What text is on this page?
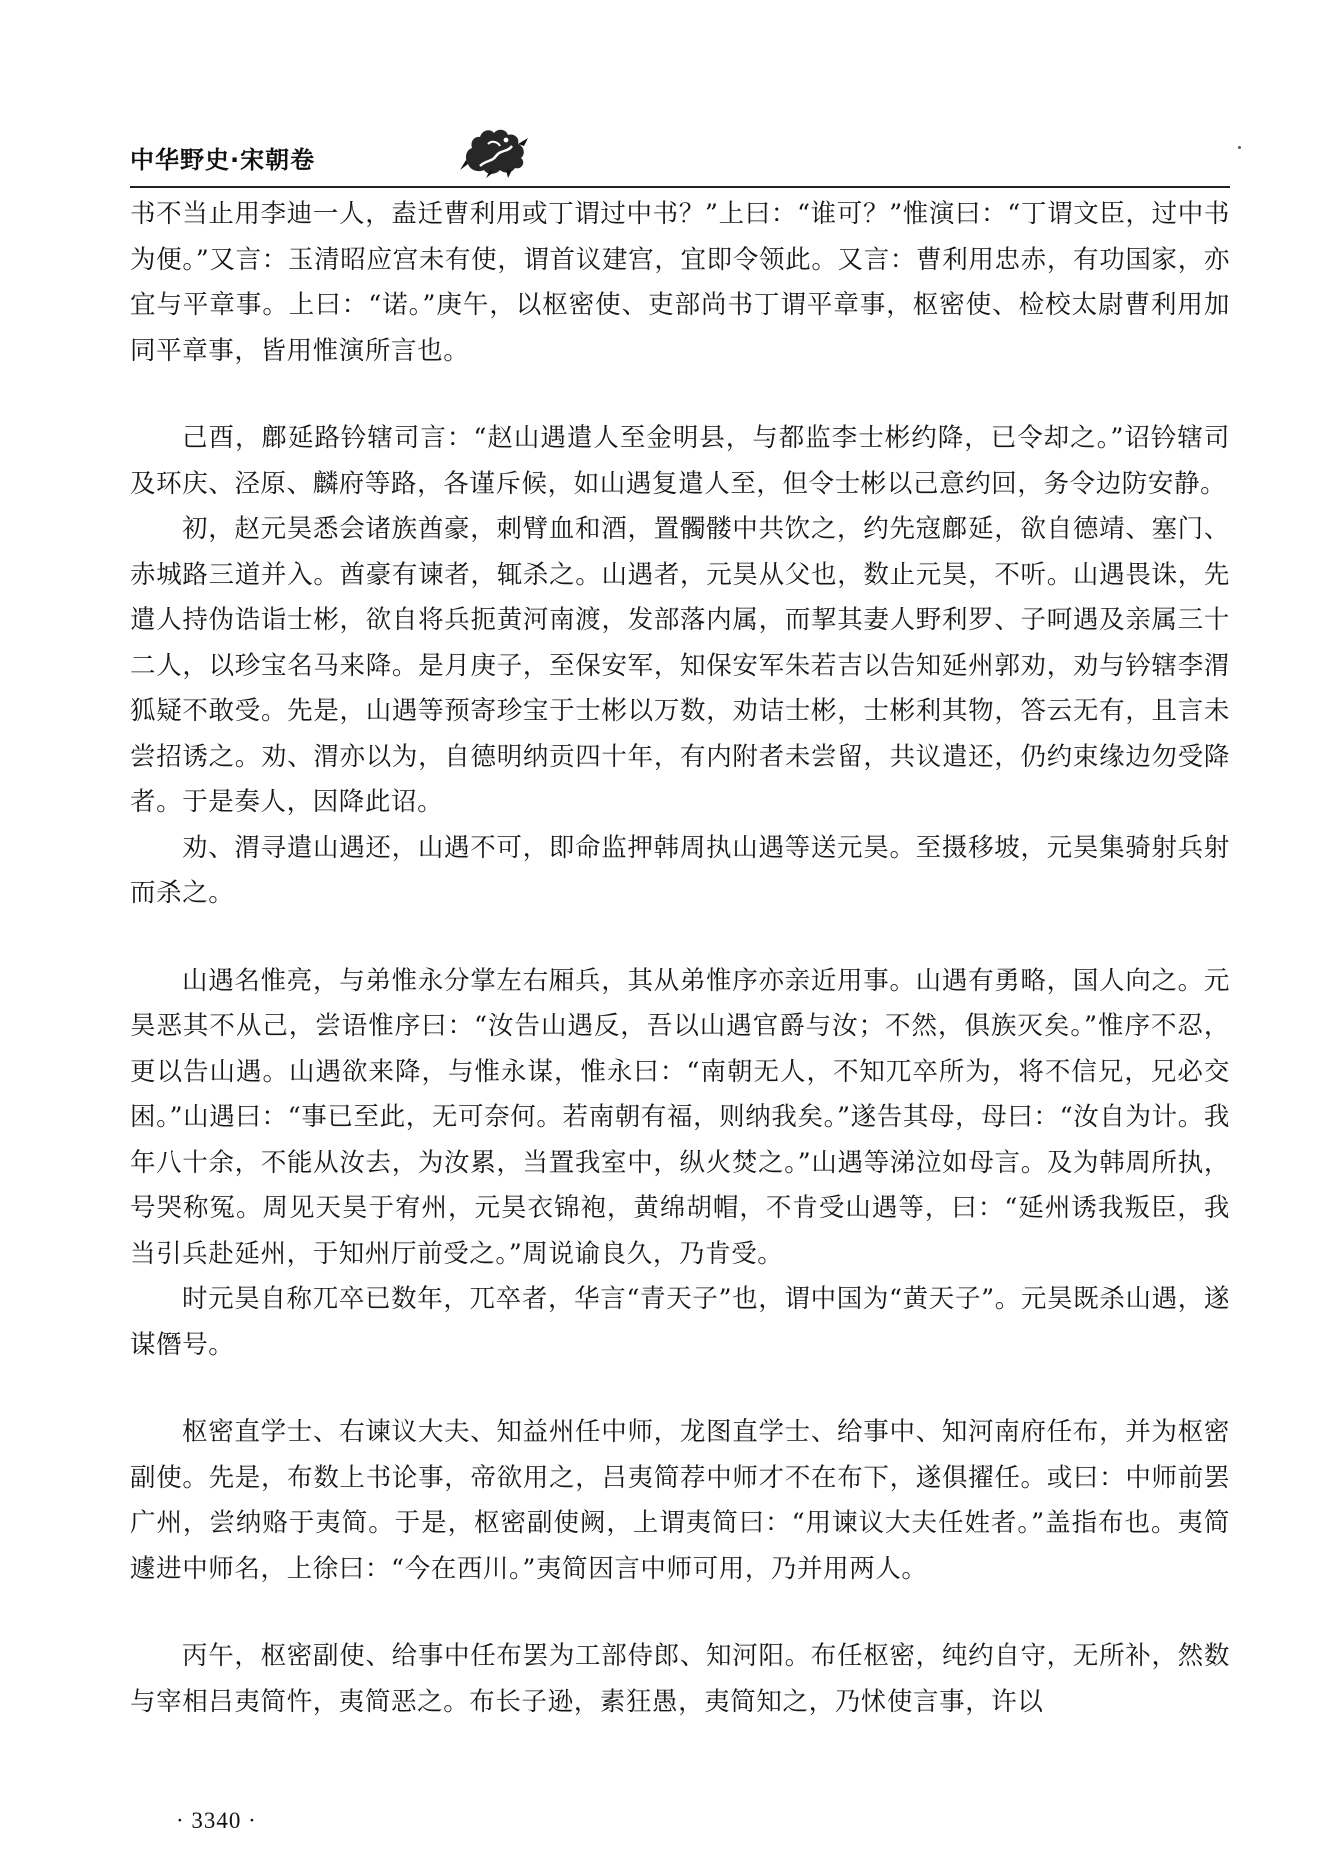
中华野史·宋朝卷

书不当止用李迪一人，盍迁曹利用或丁谓过中书？”上曰：“谁可？”惟演曰：“丁谓文臣，过中书为便。”又言：玉清昭应宫未有使，谓首议建宫，宜即令领此。又言：曹利用忠赤，有功国家，亦宜与平章事。上曰：“诺。”庚午，以枢密使、吏部尚书丁谓平章事，枢密使、检校太尉曹利用加同平章事，皆用惟演所言也。

己酉，鄜延路钤辖司言：“赵山遇遣人至金明县，与都监李士彬约降，已令却之。”诏钤辖司及环庆、泾原、麟府等路，各谨斥候，如山遇复遣人至，但令士彬以己意约回，务令边防安静。

初，赵元昊悉会诸族酋豪，刺臂血和酒，置髑髅中共饮之，约先寇鄜延，欲自德靖、塞门、赤城路三道并入。酋豪有谏者，辄杀之。山遇者，元昊从父也，数止元昊，不听。山遇畏诛，先遣人持伪诰诣士彬，欲自将兵扼黄河南渡，发部落内属，而挈其妻人野利罗、子呵遇及亲属三十二人，以珍宝名马来降。是月庚子，至保安军，知保安军朱若吉以告知延州郭劝，劝与钤辖李渭狐疑不敢受。先是，山遇等预寄珍宝于士彬以万数，劝诘士彬，士彬利其物，答云无有，且言未尝招诱之。劝、渭亦以为，自德明纳贡四十年，有内附者未尝留，共议遣还，仍约束缘边勿受降者。于是奏人，因降此诏。

劝、渭寻遣山遇还，山遇不可，即命监押韩周执山遇等送元昊。至摄移坡，元昊集骑射兵射而杀之。

山遇名惟亮，与弟惟永分掌左右厢兵，其从弟惟序亦亲近用事。山遇有勇略，国人向之。元昊恶其不从己，尝语惟序曰：“汝告山遇反，吾以山遇官爵与汝；不然，俱族灭矣。”惟序不忍，更以告山遇。山遇欲来降，与惟永谋，惟永曰：“南朝无人，不知兀卒所为，将不信兄，兄必交困。”山遇曰：“事已至此，无可奈何。若南朝有福，则纳我矣。”遂告其母，母曰：“汝自为计。我年八十余，不能从汝去，为汝累，当置我室中，纵火焚之。”山遇等涕泣如母言。及为韩周所执，号哭称冤。周见天昊于宥州，元昊衣锦袍，黄绵胡帽，不肯受山遇等，曰：“延州诱我叛臣，我当引兵赴延州，于知州厅前受之。”周说谕良久，乃肯受。

时元昊自称兀卒已数年，兀卒者，华言“青天子”也，谓中国为“黄天子”。元昊既杀山遇，遂谋僭号。

枢密直学士、右谏议大夫、知益州任中师，龙图直学士、给事中、知河南府任布，并为枢密副使。先是，布数上书论事，帝欲用之，吕夷简荐中师才不在布下，遂俱擢任。或曰：中师前罢广州，尝纳赂于夷简。于是，枢密副使阙，上谓夷简曰：“用谏议大夫任姓者。”盖指布也。夷简遽进中师名，上徐曰：“今在西川。”夷简因言中师可用，乃并用两人。

丙午，枢密副使、给事中任布罢为工部侍郎、知河阳。布任枢密，纯约自守，无所补，然数与宰相吕夷简忤，夷简恶之。布长子逊，素狂愚，夷简知之，乃怵使言事，许以

· 3340 ·
